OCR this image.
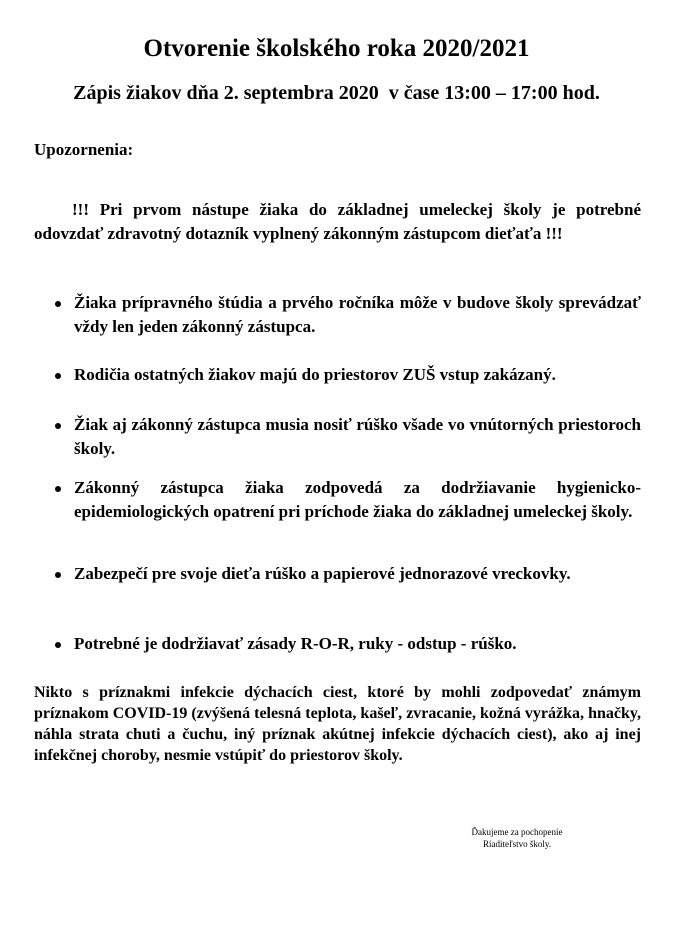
Otvorenie školského roka 2020/2021
Zápis žiakov dňa 2. septembra 2020  v čase 13:00 – 17:00 hod.
Upozornenia:
!!! Pri prvom nástupe žiaka do základnej umeleckej školy je potrebné odovzdať zdravotný dotazník vyplnený zákonným zástupcom dieťaťa !!!
Žiaka prípravného štúdia a prvého ročníka môže v budove školy sprevádzať vždy len jeden zákonný zástupca.
Rodičia ostatných žiakov majú do priestorov ZUŠ vstup zakázaný.
Žiak aj zákonný zástupca musia nosiť rúško všade vo vnútorných priestoroch školy.
Zákonný zástupca žiaka zodpovedá za dodržiavanie hygienicko-epidemiologických opatrení pri príchode žiaka do základnej umeleckej školy.
Zabezpečí pre svoje dieťa rúško a papierové jednorazové vreckovky.
Potrebné je dodržiavať zásady R-O-R, ruky - odstup - rúško.
Nikto s príznakmi infekcie dýchacích ciest, ktoré by mohli zodpovedať známym príznakom COVID-19 (zvýšená telesná teplota, kašeľ, zvracanie, kožná vyrážka, hnačky, náhla strata chuti a čuchu, iný príznak akútnej infekcie dýchacích ciest), ako aj inej infekčnej choroby, nesmie vstúpiť do priestorov školy.
Ďakujeme za pochopenie
Riaditeľstvo školy.
